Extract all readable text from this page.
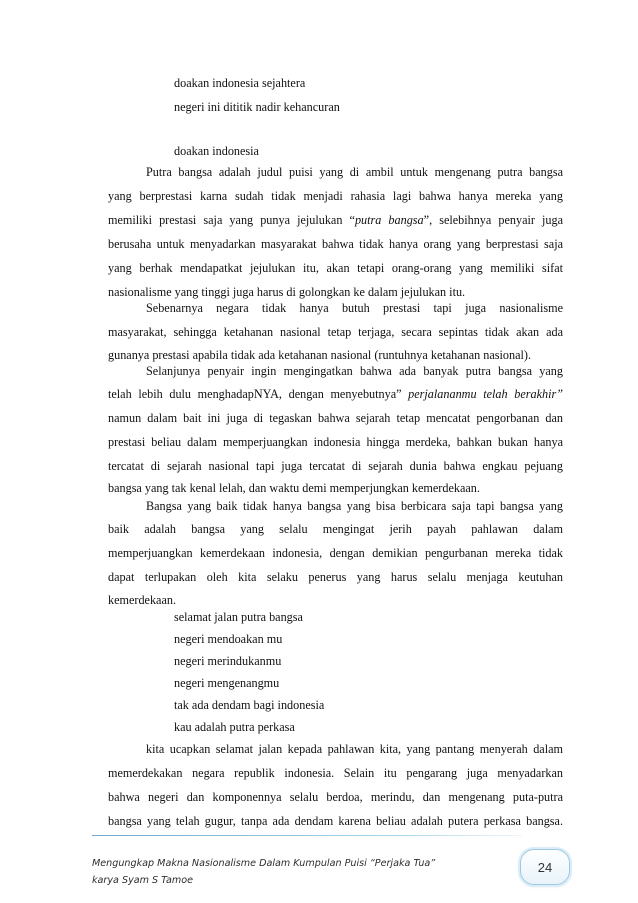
doakan indonesia sejahtera
negeri ini dititik nadir kehancuran
doakan indonesia
Putra bangsa adalah judul puisi yang di ambil untuk mengenang putra bangsa
yang berprestasi karna sudah tidak menjadi rahasia lagi bahwa hanya mereka yang
memiliki prestasi saja yang punya jejulukan “putra bangsa”, selebihnya penyair juga
berusaha untuk menyadarkan masyarakat bahwa tidak hanya orang yang berprestasi saja
yang berhak mendapatkat jejulukan itu, akan tetapi orang-orang yang memiliki sifat
nasionalisme yang tinggi juga harus di golongkan ke dalam jejulukan itu.
Sebenarnya negara tidak hanya butuh prestasi tapi juga nasionalisme
masyarakat, sehingga ketahanan nasional tetap terjaga, secara sepintas tidak akan ada
gunanya prestasi apabila tidak ada ketahanan nasional (runtuhnya ketahanan nasional).
Selanjunya penyair ingin mengingatkan bahwa ada banyak putra bangsa yang
telah lebih dulu menghadapNYA, dengan menyebutnya” perjalananmu telah berakhir”
namun dalam bait ini juga di tegaskan bahwa sejarah tetap mencatat pengorbanan dan
prestasi beliau dalam memperjuangkan indonesia hingga merdeka, bahkan bukan hanya
tercatat di sejarah nasional tapi juga tercatat di sejarah dunia bahwa engkau pejuang
bangsa yang tak kenal lelah, dan waktu demi memperjungkan kemerdekaan.
Bangsa yang baik tidak hanya bangsa yang bisa berbicara saja tapi bangsa yang
baik adalah bangsa yang selalu mengingat jerih payah pahlawan dalam
memperjuangkan kemerdekaan indonesia, dengan demikian pengurbanan mereka tidak
dapat terlupakan oleh kita selaku penerus yang harus selalu menjaga keutuhan
kemerdekaan.
selamat jalan putra bangsa
negeri mendoakan mu
negeri merindukanmu
negeri mengenangmu
tak ada dendam bagi indonesia
kau adalah putra perkasa
kita ucapkan selamat jalan kepada pahlawan kita, yang pantang menyerah dalam
memerdekakan negara republik indonesia. Selain itu pengarang juga menyadarkan
bahwa negeri dan komponennya selalu berdoa, merindu, dan mengenang puta-putra
bangsa yang telah gugur, tanpa ada dendam karena beliau adalah putera perkasa bangsa.
Mengungkap Makna Nasionalisme Dalam Kumpulan Puisi “Perjaka Tua”
karya Syam S Tamoe
24
